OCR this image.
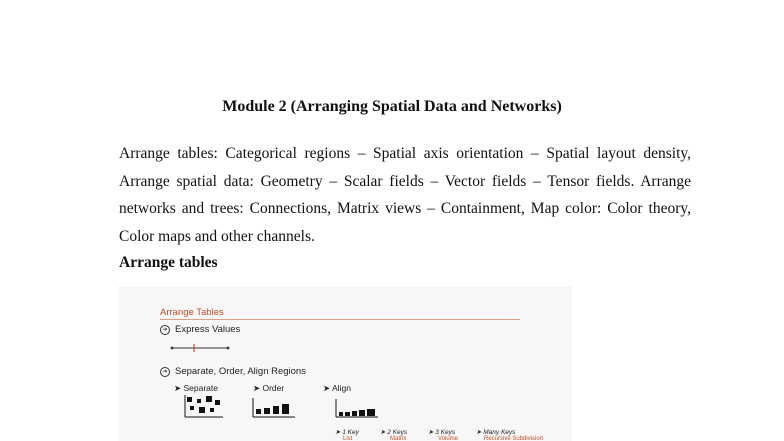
Module 2 (Arranging Spatial Data and Networks)

Arrange tables: Categorical regions – Spatial axis orientation – Spatial layout density, Arrange spatial data: Geometry – Scalar fields – Vector fields – Tensor fields. Arrange networks and trees: Connections, Matrix views – Containment, Map color: Color theory, Color maps and other channels.

Arrange tables
Arrange Tables
➜ Express Values
➜ Separate, Order, Align Regions
➤ Separate	➤ Order	➤ Align
➤ 1 Key
List
➤ 2 Keys
Matrix
➤ 3 Keys
Volume
➤ Many Keys
Recursive Subdivision
